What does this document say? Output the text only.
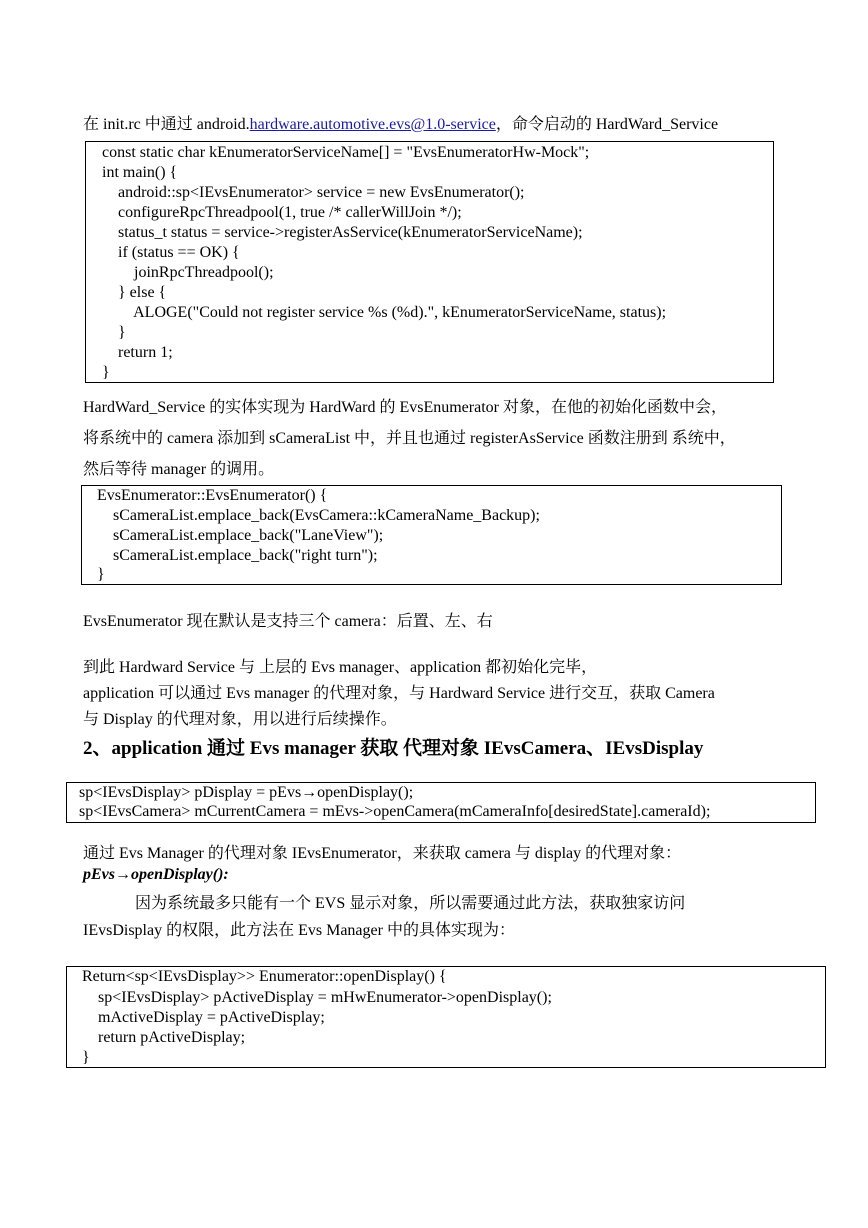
在 init.rc 中通过 android.hardware.automotive.evs@1.0-service，命令启动的 HardWard_Service
const static char kEnumeratorServiceName[] = "EvsEnumeratorHw-Mock";
int main() {
android::sp<IEvsEnumerator> service = new EvsEnumerator();
configureRpcThreadpool(1, true /* callerWillJoin */);
status_t status = service->registerAsService(kEnumeratorServiceName);
if (status == OK) {
joinRpcThreadpool();
} else {
ALOGE("Could not register service %s (%d).", kEnumeratorServiceName, status);
}
return 1;
}
HardWard_Service 的实体实现为 HardWard 的 EvsEnumerator 对象，在他的初始化函数中会，
将系统中的 camera 添加到 sCameraList 中，并且也通过 registerAsService 函数注册到 系统中，
然后等待 manager 的调用。
EvsEnumerator::EvsEnumerator() {
sCameraList.emplace_back(EvsCamera::kCameraName_Backup);
sCameraList.emplace_back("LaneView");
sCameraList.emplace_back("right turn");
}
EvsEnumerator 现在默认是支持三个 camera：后置、左、右
到此 Hardward Service 与 上层的 Evs manager、application 都初始化完毕，
application 可以通过 Evs manager 的代理对象，与 Hardward Service 进行交互，获取 Camera
与 Display 的代理对象，用以进行后续操作。
2、application 通过 Evs manager 获取 代理对象 IEvsCamera、IEvsDisplay
sp<IEvsDisplay> pDisplay = pEvs→openDisplay();
sp<IEvsCamera> mCurrentCamera = mEvs->openCamera(mCameraInfo[desiredState].cameraId);
通过 Evs Manager 的代理对象 IEvsEnumerator，来获取 camera 与 display 的代理对象：
pEvs→openDisplay():
因为系统最多只能有一个 EVS 显示对象，所以需要通过此方法，获取独家访问
IEvsDisplay 的权限，此方法在 Evs Manager 中的具体实现为：
Return<sp<IEvsDisplay>> Enumerator::openDisplay() {
sp<IEvsDisplay> pActiveDisplay = mHwEnumerator->openDisplay();
mActiveDisplay = pActiveDisplay;
return pActiveDisplay;
}
